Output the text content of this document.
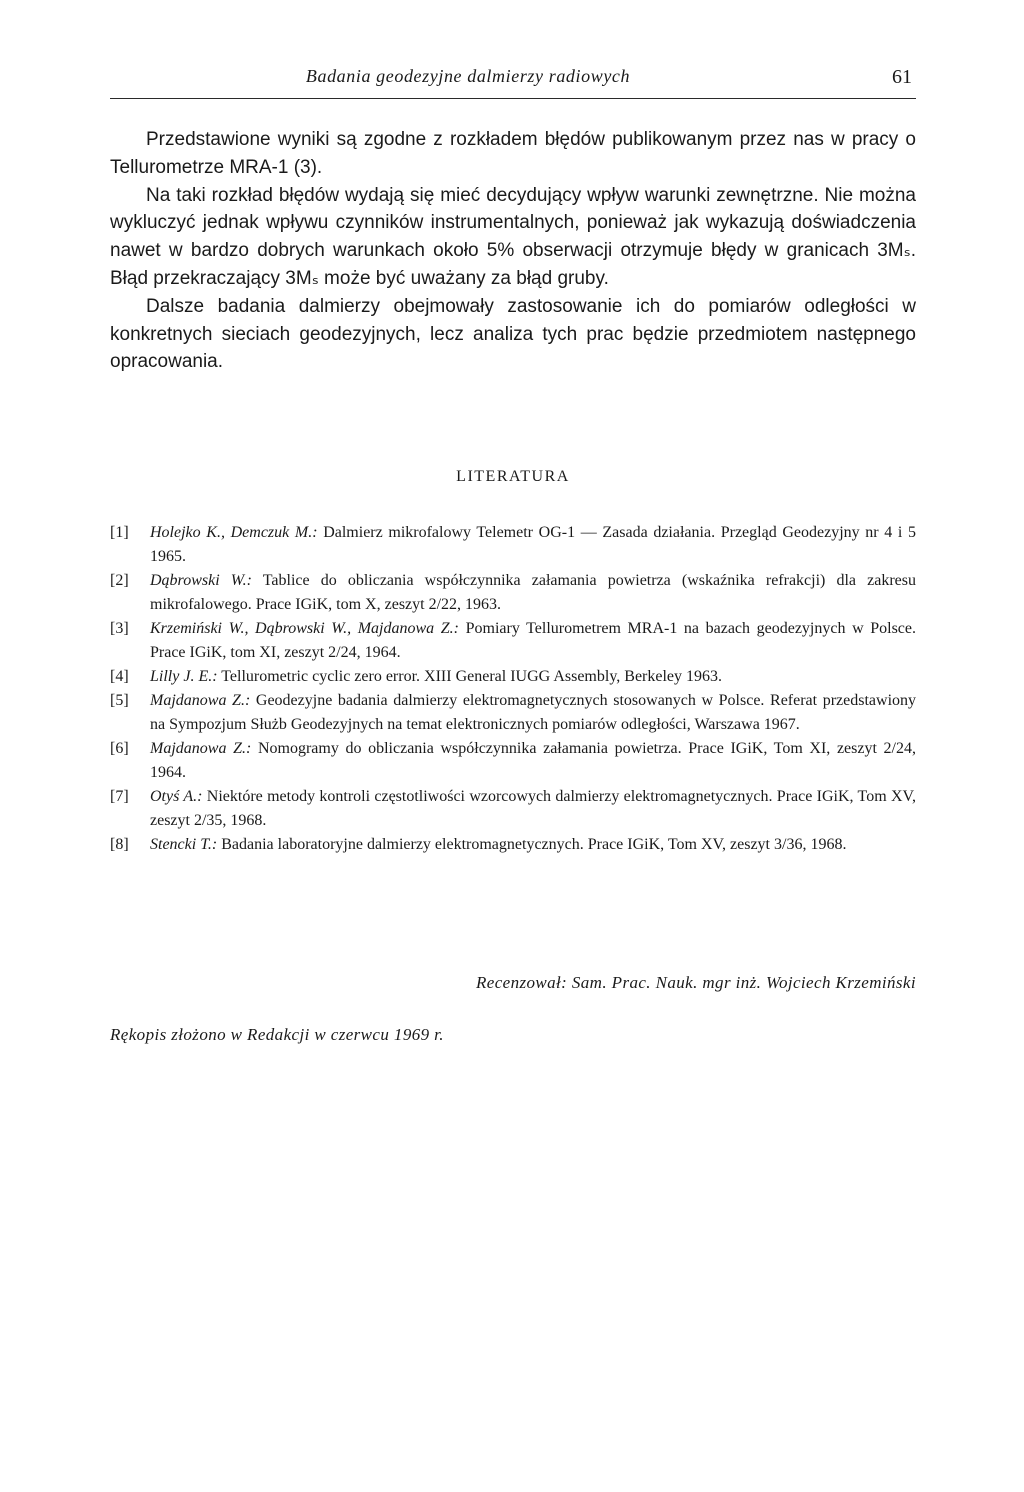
Badania geodezyjne dalmierzy radiowych	61

Przedstawione wyniki są zgodne z rozkładem błędów publikowanym przez nas w pracy o Tellurometrze MRA-1 (3).

Na taki rozkład błędów wydają się mieć decydujący wpływ warunki zewnętrzne. Nie można wykluczyć jednak wpływu czynników instrumentalnych, ponieważ jak wykazują doświadczenia nawet w bardzo dobrych warunkach około 5% obserwacji otrzymuje błędy w granicach 3Mₛ. Błąd przekraczający 3Mₛ może być uważany za błąd gruby.

Dalsze badania dalmierzy obejmowały zastosowanie ich do pomiarów odległości w konkretnych sieciach geodezyjnych, lecz analiza tych prac będzie przedmiotem następnego opracowania.

LITERATURA
[1] Holejko K., Demczuk M.: Dalmierz mikrofalowy Telemetr OG-1 — Zasada działania. Przegląd Geodezyjny nr 4 i 5 1965.
[2] Dąbrowski W.: Tablice do obliczania współczynnika załamania powietrza (wskaźnika refrakcji) dla zakresu mikrofalowego. Prace IGiK, tom X, zeszyt 2/22, 1963.
[3] Krzemiński W., Dąbrowski W., Majdanowa Z.: Pomiary Tellurometrem MRA-1 na bazach geodezyjnych w Polsce. Prace IGiK, tom XI, zeszyt 2/24, 1964.
[4] Lilly J. E.: Tellurometric cyclic zero error. XIII General IUGG Assembly, Berkeley 1963.
[5] Majdanowa Z.: Geodezyjne badania dalmierzy elektromagnetycznych stosowanych w Polsce. Referat przedstawiony na Sympozjum Służb Geodezyjnych na temat elektronicznych pomiarów odległości, Warszawa 1967.
[6] Majdanowa Z.: Nomogramy do obliczania współczynnika załamania powietrza. Prace IGiK, Tom XI, zeszyt 2/24, 1964.
[7] Otyś A.: Niektóre metody kontroli częstotliwości wzorcowych dalmierzy elektromagnetycznych. Prace IGiK, Tom XV, zeszyt 2/35, 1968.
[8] Stencki T.: Badania laboratoryjne dalmierzy elektromagnetycznych. Prace IGiK, Tom XV, zeszyt 3/36, 1968.
Recenzował: Sam. Prac. Nauk. mgr inż. Wojciech Krzemiński
Rękopis złożono w Redakcji w czerwcu 1969 r.
